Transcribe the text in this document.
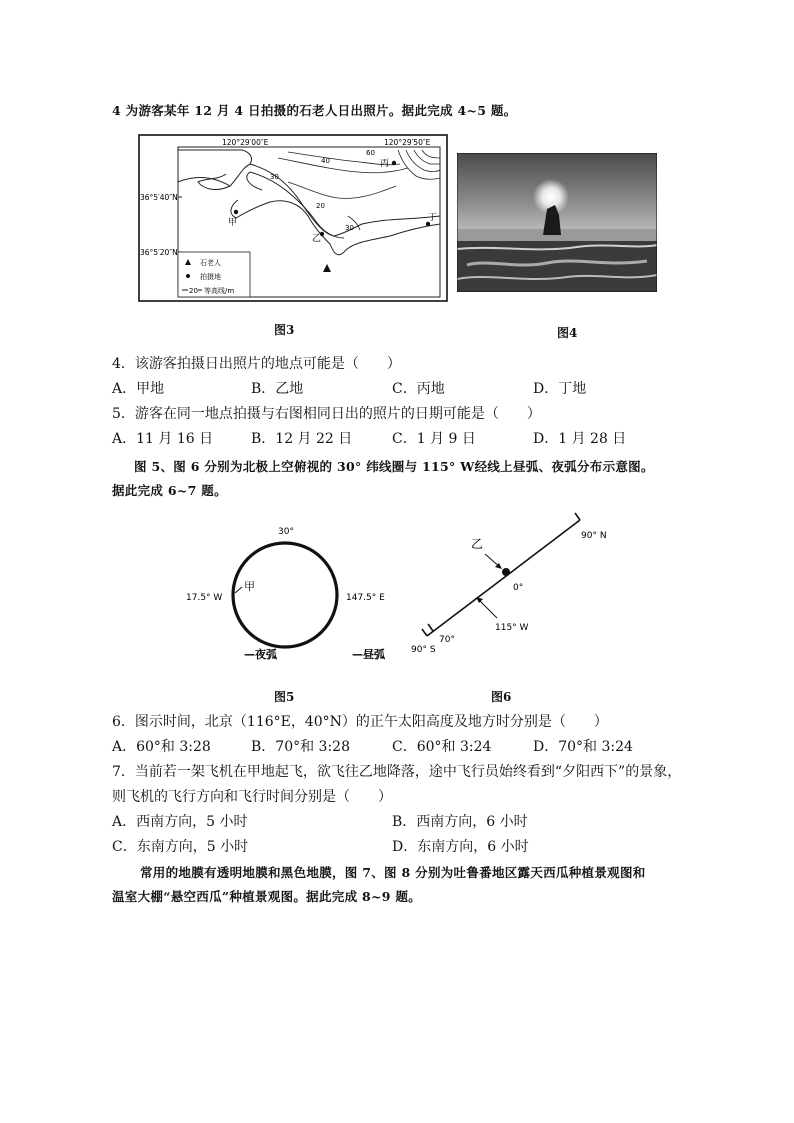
4 为游客某年 12 月 4 日拍摄的石老人日出照片。据此完成 4~5 题。
40
60
30
20
30
120°29′00″E	120°29′50″E
36°5′40″N
36°5′20″N
甲
乙
丙
丁
石老人
拍摄地
20 等高线/m
图3	图4
4．该游客拍摄日出照片的地点可能是（　　）
A．甲地	B．乙地	C．丙地	D．丁地
5．游客在同一地点拍摄与右图相同日出的照片的日期可能是（　　）
A．11 月 16 日	B．12 月 22 日	C．1 月 9 日	D．1 月 28 日
图 5、图 6 分别为北极上空俯视的 30° 纬线圈与 115° W经线上昼弧、夜弧分布示意图。
据此完成 6~7 题。
30°
17.5° W	147.5° E
甲
—夜弧	—昼弧
图5
90° N
90° S
0°
70°
115° W
乙
图6
6．图示时间，北京（116°E，40°N）的正午太阳高度及地方时分别是（　　）
A．60°和 3:28	B．70°和 3:28	C．60°和 3:24	D．70°和 3:24
7．当前若一架飞机在甲地起飞，欲飞往乙地降落，途中飞行员始终看到“夕阳西下”的景象，
则飞机的飞行方向和飞行时间分别是（　　）
A．西南方向，5 小时	B．西南方向，6 小时
C．东南方向，5 小时	D．东南方向，6 小时
常用的地膜有透明地膜和黑色地膜，图 7、图 8 分别为吐鲁番地区露天西瓜种植景观图和
温室大棚“悬空西瓜”种植景观图。据此完成 8~9 题。
